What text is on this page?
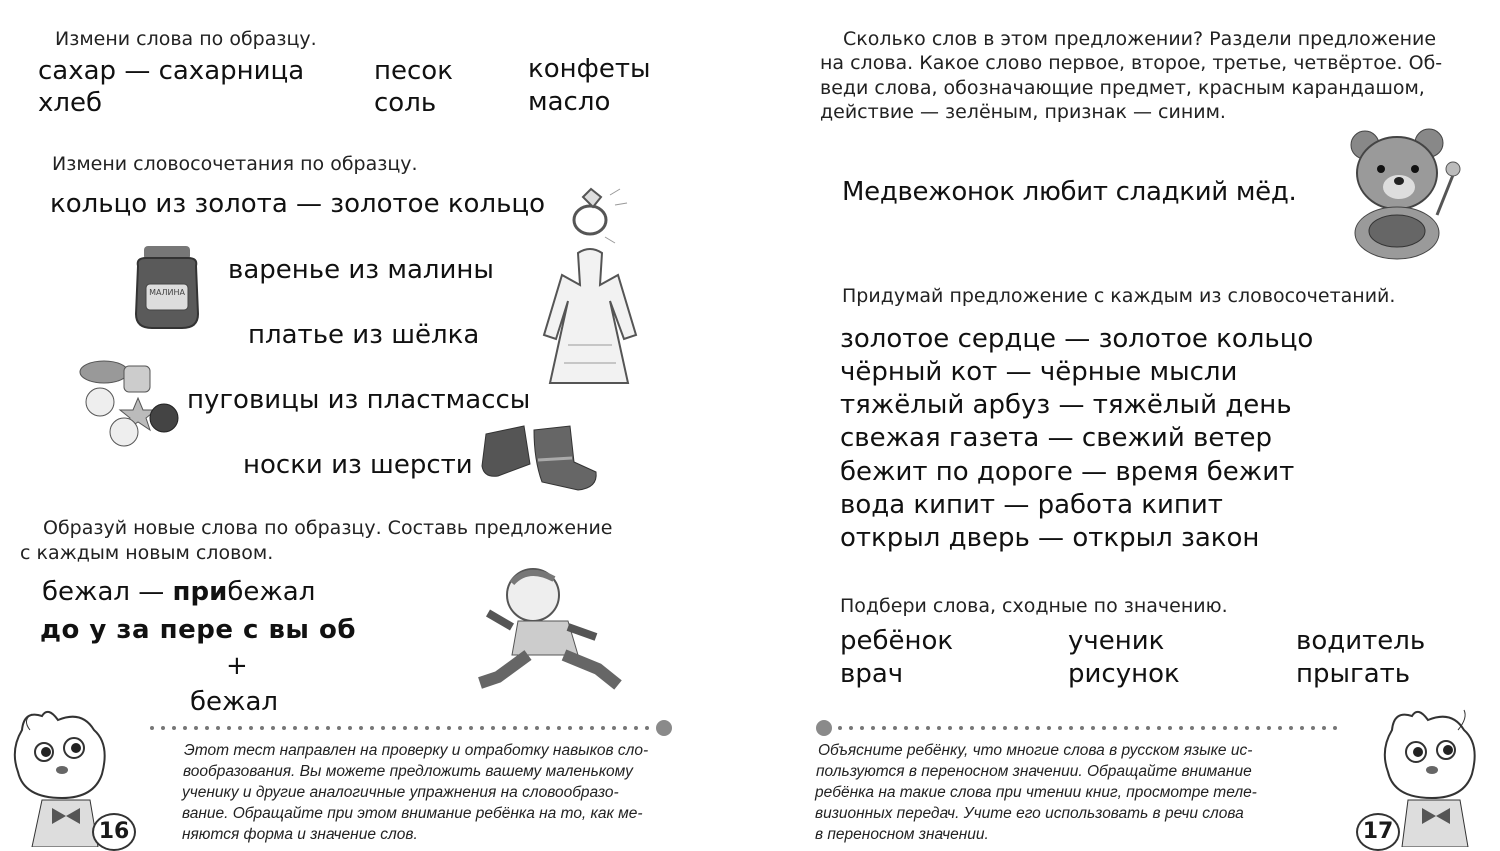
Измени слова по образцу.
сахар — сахарница
хлеб
песок
соль
конфеты
масло
Измени словосочетания по образцу.
кольцо из золота — золотое кольцо
варенье из малины
платье из шёлка
пуговицы из пластмассы
носки из шерсти
МАЛИНА
Образуй новые слова по образцу. Составь предложение
с каждым новым словом.
бежал — прибежал
до у за пере с вы об
+
бежал
Этот тест направлен на проверку и отработку навыков сло-
вообразования. Вы можете предложить вашему маленькому
ученику и другие аналогичные упражнения на словообразо-
вание. Обращайте при этом внимание ребёнка на то, как ме-
няются форма и значение слов.
16
Сколько слов в этом предложении? Раздели предложение
на слова. Какое слово первое, второе, третье, четвёртое. Об-
веди слова, обозначающие предмет, красным карандашом,
действие — зелёным, признак — синим.
Медвежонок любит сладкий мёд.
Придумай предложение с каждым из словосочетаний.
золотое сердце — золотое кольцо
чёрный кот — чёрные мысли
тяжёлый арбуз — тяжёлый день
свежая газета — свежий ветер
бежит по дороге — время бежит
вода кипит — работа кипит
открыл дверь — открыл закон
Подбери слова, сходные по значению.
ребёнок
врач
ученик
рисунок
водитель
прыгать
Объясните ребёнку, что многие слова в русском языке ис-
пользуются в переносном значении. Обращайте внимание
ребёнка на такие слова при чтении книг, просмотре теле-
визионных передач. Учите его использовать в речи слова
в переносном значении.	17
